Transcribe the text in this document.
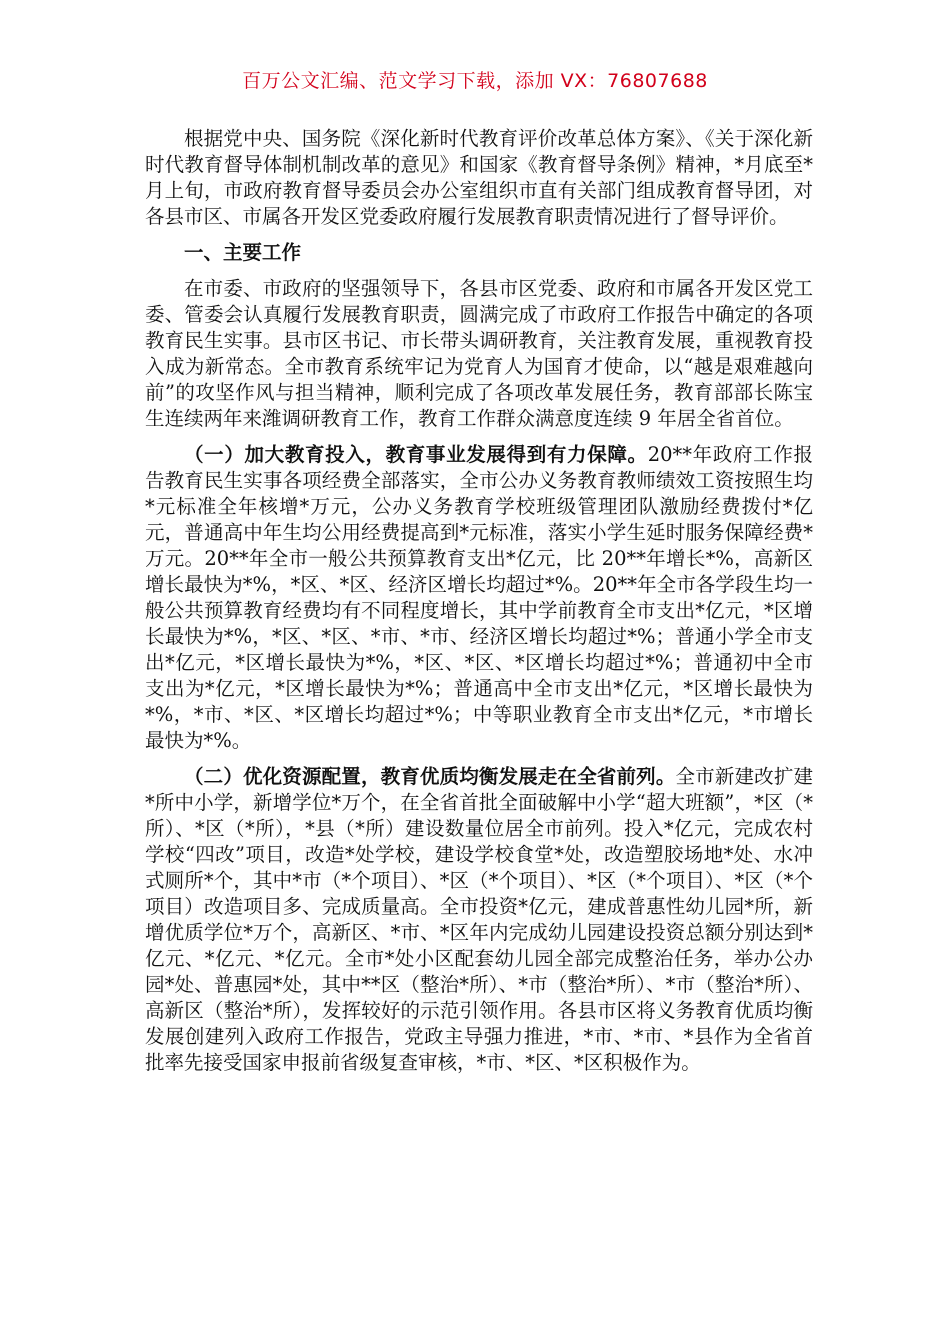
百万公文汇编、范文学习下载，添加 VX：76807688

根据党中央、国务院《深化新时代教育评价改革总体方案》、《关于深化新时代教育督导体制机制改革的意见》和国家《教育督导条例》精神，*月底至*月上旬，市政府教育督导委员会办公室组织市直有关部门组成教育督导团，对各县市区、市属各开发区党委政府履行发展教育职责情况进行了督导评价。

一、主要工作

在市委、市政府的坚强领导下，各县市区党委、政府和市属各开发区党工委、管委会认真履行发展教育职责，圆满完成了市政府工作报告中确定的各项教育民生实事。县市区书记、市长带头调研教育，关注教育发展，重视教育投入成为新常态。全市教育系统牢记为党育人为国育才使命，以“越是艰难越向前”的攻坚作风与担当精神，顺利完成了各项改革发展任务，教育部部长陈宝生连续两年来潍调研教育工作，教育工作群众满意度连续 9 年居全省首位。

（一）加大教育投入，教育事业发展得到有力保障。20**年政府工作报告教育民生实事各项经费全部落实，全市公办义务教育教师绩效工资按照生均*元标准全年核增*万元，公办义务教育学校班级管理团队激励经费拨付*亿元，普通高中年生均公用经费提高到*元标准，落实小学生延时服务保障经费*万元。20**年全市一般公共预算教育支出*亿元，比 20**年增长*%，高新区增长最快为*%，*区、*区、经济区增长均超过*%。20**年全市各学段生均一般公共预算教育经费均有不同程度增长，其中学前教育全市支出*亿元，*区增长最快为*%，*区、*区、*市、*市、经济区增长均超过*%；普通小学全市支出*亿元，*区增长最快为*%，*区、*区、*区增长均超过*%；普通初中全市支出为*亿元，*区增长最快为*%；普通高中全市支出*亿元，*区增长最快为*%，*市、*区、*区增长均超过*%；中等职业教育全市支出*亿元，*市增长最快为*%。

（二）优化资源配置，教育优质均衡发展走在全省前列。全市新建改扩建*所中小学，新增学位*万个，在全省首批全面破解中小学“超大班额”，*区（*所）、*区（*所），*县（*所）建设数量位居全市前列。投入*亿元，完成农村学校“四改”项目，改造*处学校，建设学校食堂*处，改造塑胶场地*处、水冲式厕所*个，其中*市（*个项目）、*区（*个项目）、*区（*个项目）、*区（*个项目）改造项目多、完成质量高。全市投资*亿元，建成普惠性幼儿园*所，新增优质学位*万个，高新区、*市、*区年内完成幼儿园建设投资总额分别达到*亿元、*亿元、*亿元。全市*处小区配套幼儿园全部完成整治任务，举办公办园*处、普惠园*处，其中**区（整治*所）、*市（整治*所）、*市（整治*所）、高新区（整治*所），发挥较好的示范引领作用。各县市区将义务教育优质均衡发展创建列入政府工作报告，党政主导强力推进，*市、*市、*县作为全省首批率先接受国家申报前省级复查审核，*市、*区、*区积极作为。
